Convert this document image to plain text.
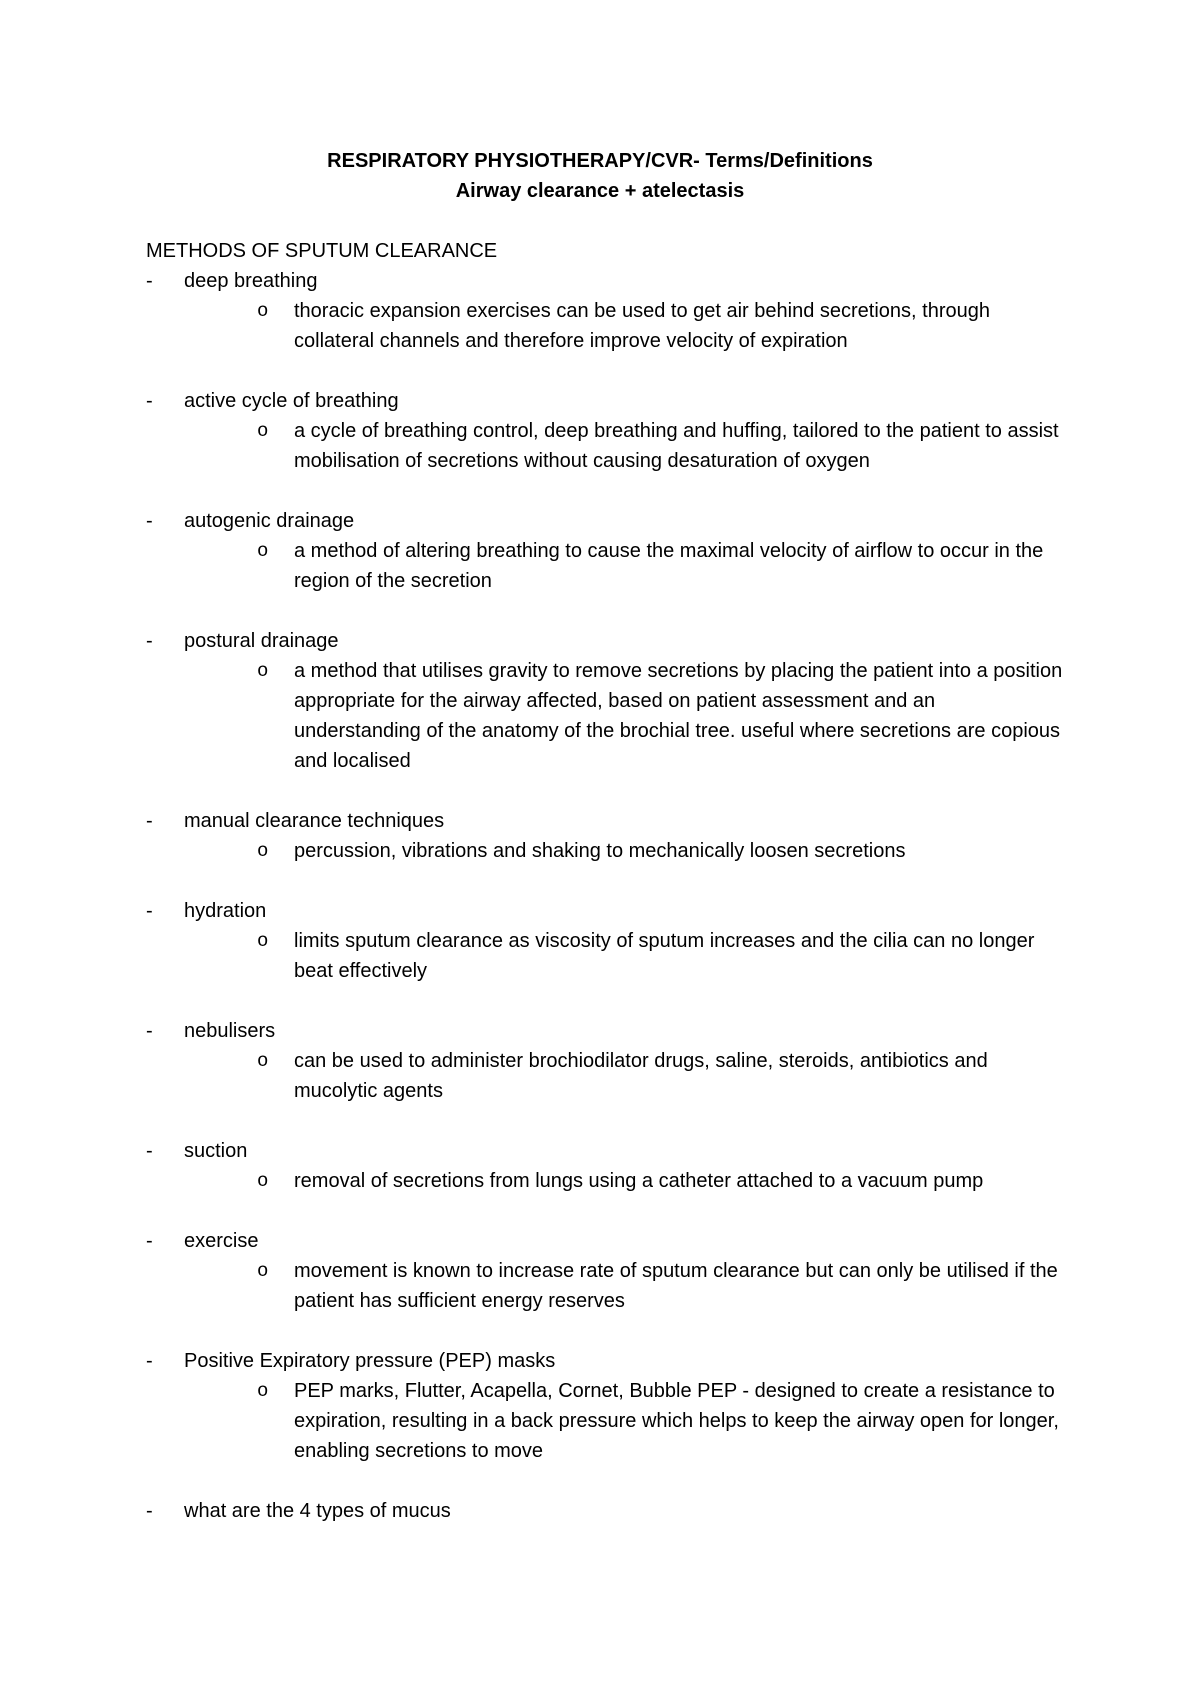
RESPIRATORY PHYSIOTHERAPY/CVR- Terms/Definitions
Airway clearance + atelectasis
METHODS OF SPUTUM CLEARANCE
- deep breathing
o thoracic expansion exercises can be used to get air behind secretions, through collateral channels and therefore improve velocity of expiration
- active cycle of breathing
o a cycle of breathing control, deep breathing and huffing, tailored to the patient to assist mobilisation of secretions without causing desaturation of oxygen
- autogenic drainage
o a method of altering breathing to cause the maximal velocity of airflow to occur in the region of the secretion
- postural drainage
o a method that utilises gravity to remove secretions by placing the patient into a position appropriate for the airway affected, based on patient assessment and an understanding of the anatomy of the brochial tree. useful where secretions are copious and localised
- manual clearance techniques
o percussion, vibrations and shaking to mechanically loosen secretions
- hydration
o limits sputum clearance as viscosity of sputum increases and the cilia can no longer beat effectively
- nebulisers
o can be used to administer brochiodilator drugs, saline, steroids, antibiotics and mucolytic agents
- suction
o removal of secretions from lungs using a catheter attached to a vacuum pump
- exercise
o movement is known to increase rate of sputum clearance but can only be utilised if the patient has sufficient energy reserves
- Positive Expiratory pressure (PEP) masks
o PEP marks, Flutter, Acapella, Cornet, Bubble PEP - designed to create a resistance to expiration, resulting in a back pressure which helps to keep the airway open for longer, enabling secretions to move
- what are the 4 types of mucus
